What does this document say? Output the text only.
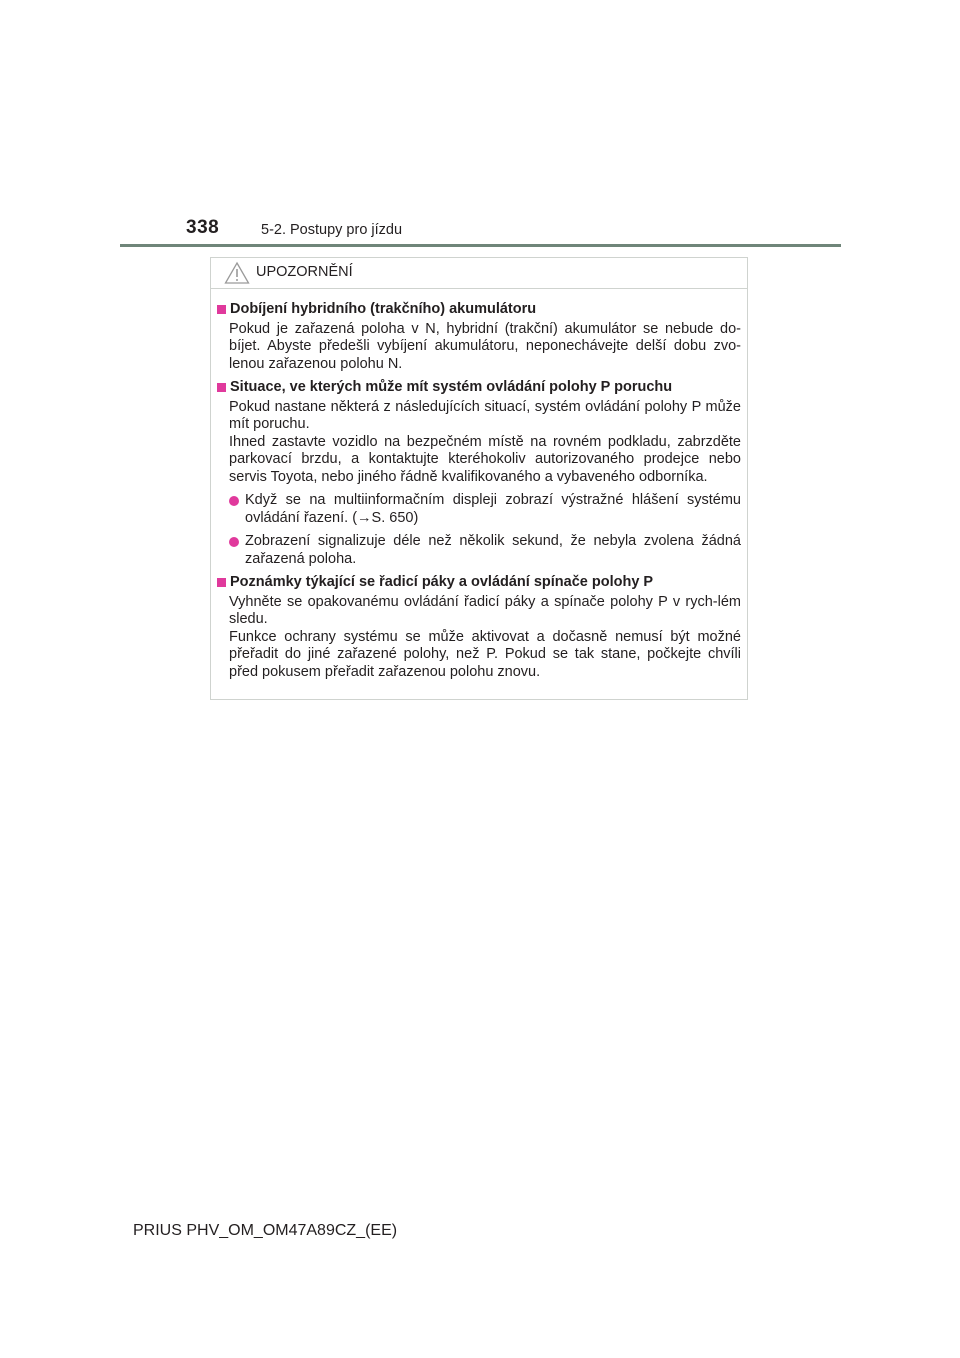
338	5-2. Postupy pro jízdu
UPOZORNĚNÍ
Dobíjení hybridního (trakčního) akumulátoru

Pokud je zařazená poloha v N, hybridní (trakční) akumulátor se nebude do-bíjet. Abyste předešli vybíjení akumulátoru, neponechávejte delší dobu zvo-lenou zařazenou polohu N.

Situace, ve kterých může mít systém ovládání polohy P poruchu

Pokud nastane některá z následujících situací, systém ovládání polohy P může mít poruchu.

Ihned zastavte vozidlo na bezpečném místě na rovném podkladu, zabrzděte parkovací brzdu, a kontaktujte kteréhokoliv autorizovaného prodejce nebo servis Toyota, nebo jiného řádně kvalifikovaného a vybaveného odborníka.

Když se na multiinformačním displeji zobrazí výstražné hlášení systému ovládání řazení. (→S. 650)
Zobrazení signalizuje déle než několik sekund, že nebyla zvolena žádná zařazená poloha.
Poznámky týkající se řadicí páky a ovládání spínače polohy P

Vyhněte se opakovanému ovládání řadicí páky a spínače polohy P v rych-lém sledu.

Funkce ochrany systému se může aktivovat a dočasně nemusí být možné přeřadit do jiné zařazené polohy, než P. Pokud se tak stane, počkejte chvíli před pokusem přeřadit zařazenou polohu znovu.

PRIUS PHV_OM_OM47A89CZ_(EE)
